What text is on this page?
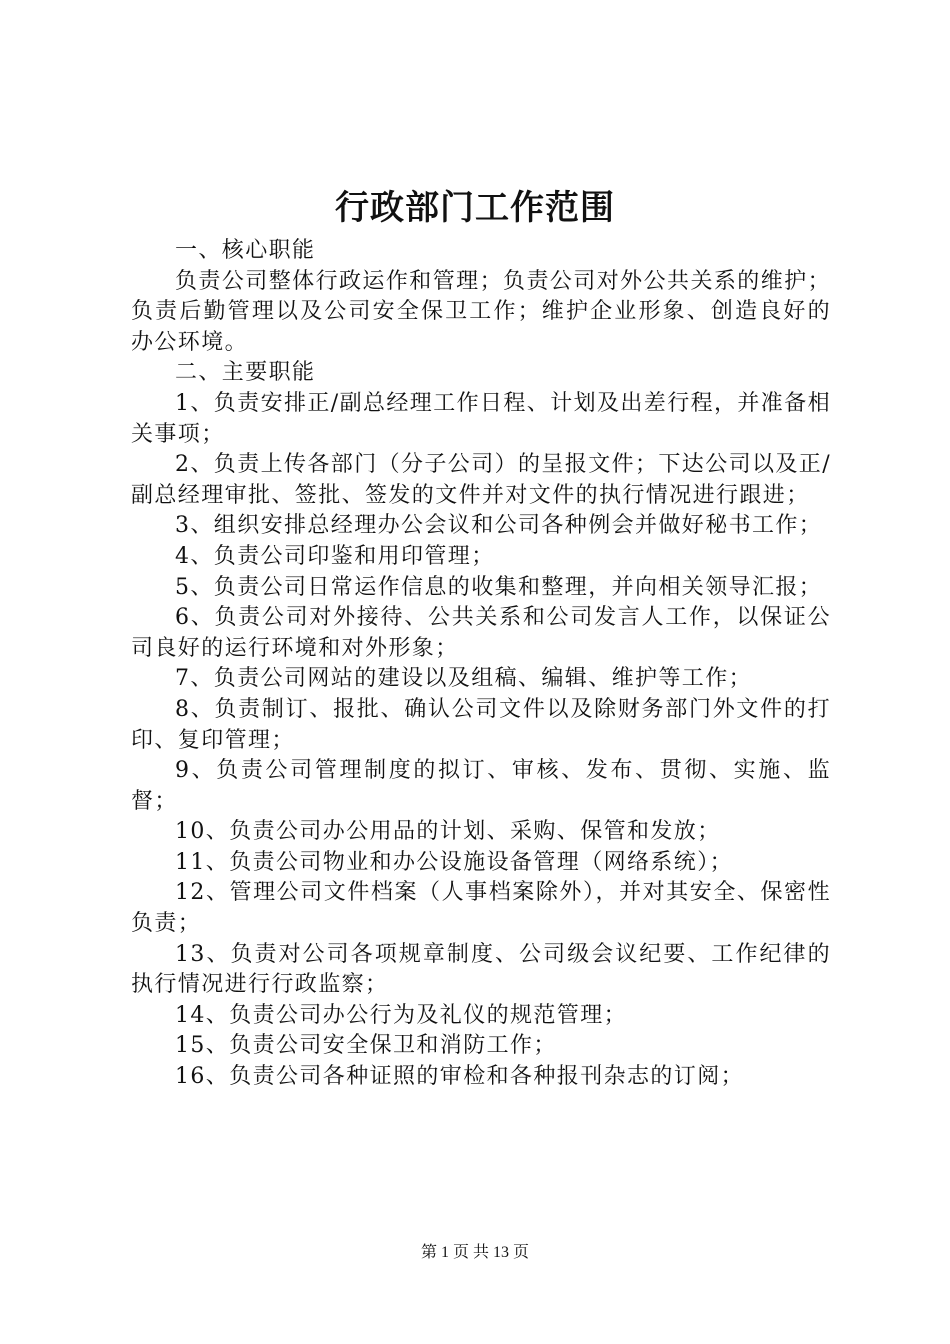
行政部门工作范围

一、核心职能

负责公司整体行政运作和管理；负责公司对外公共关系的维护；负责后勤管理以及公司安全保卫工作；维护企业形象、创造良好的办公环境。

二、主要职能

1、负责安排正/副总经理工作日程、计划及出差行程，并准备相关事项；

2、负责上传各部门（分子公司）的呈报文件；下达公司以及正/副总经理审批、签批、签发的文件并对文件的执行情况进行跟进；

3、组织安排总经理办公会议和公司各种例会并做好秘书工作；

4、负责公司印鉴和用印管理；

5、负责公司日常运作信息的收集和整理，并向相关领导汇报；

6、负责公司对外接待、公共关系和公司发言人工作，以保证公司良好的运行环境和对外形象；

7、负责公司网站的建设以及组稿、编辑、维护等工作；

8、负责制订、报批、确认公司文件以及除财务部门外文件的打印、复印管理；

9、负责公司管理制度的拟订、审核、发布、贯彻、实施、监督；

10、负责公司办公用品的计划、采购、保管和发放；

11、负责公司物业和办公设施设备管理（网络系统）；

12、管理公司文件档案（人事档案除外），并对其安全、保密性负责；

13、负责对公司各项规章制度、公司级会议纪要、工作纪律的执行情况进行行政监察；

14、负责公司办公行为及礼仪的规范管理；

15、负责公司安全保卫和消防工作；

16、负责公司各种证照的审检和各种报刊杂志的订阅；

第 1 页 共 13 页
